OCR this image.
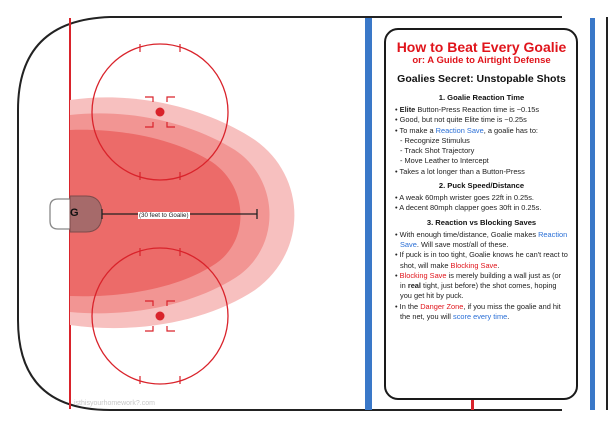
G	(30 feet to Goalie)
isthisyourhomework?.com

How to Beat Every Goalie

or: A Guide to Airtight Defense

Goalies Secret: Unstopable Shots

1. Goalie Reaction Time
• Elite Button-Press Reaction time is ~0.15s
• Good, but not quite Elite time is ~0.25s
• To make a Reaction Save, a goalie has to:
- Recognize Stimulus
- Track Shot Trajectory
- Move Leather to Intercept
• Takes a lot longer than a Button-Press
2. Puck Speed/Distance
• A weak 60mph wrister goes 22ft in 0.25s.
• A decent 80mph clapper goes 30ft in 0.25s.
3. Reaction vs Blocking Saves
• With enough time/distance, Goalie makes Reaction Save. Will save most/all of these.
• If puck is in too tight, Goalie knows he can't react to shot, will make Blocking Save.
• Blocking Save is merely building a wall just as (or in real tight, just before) the shot comes, hoping you get hit by puck.
• In the Danger Zone, if you miss the goalie and hit the net, you will score every time.
